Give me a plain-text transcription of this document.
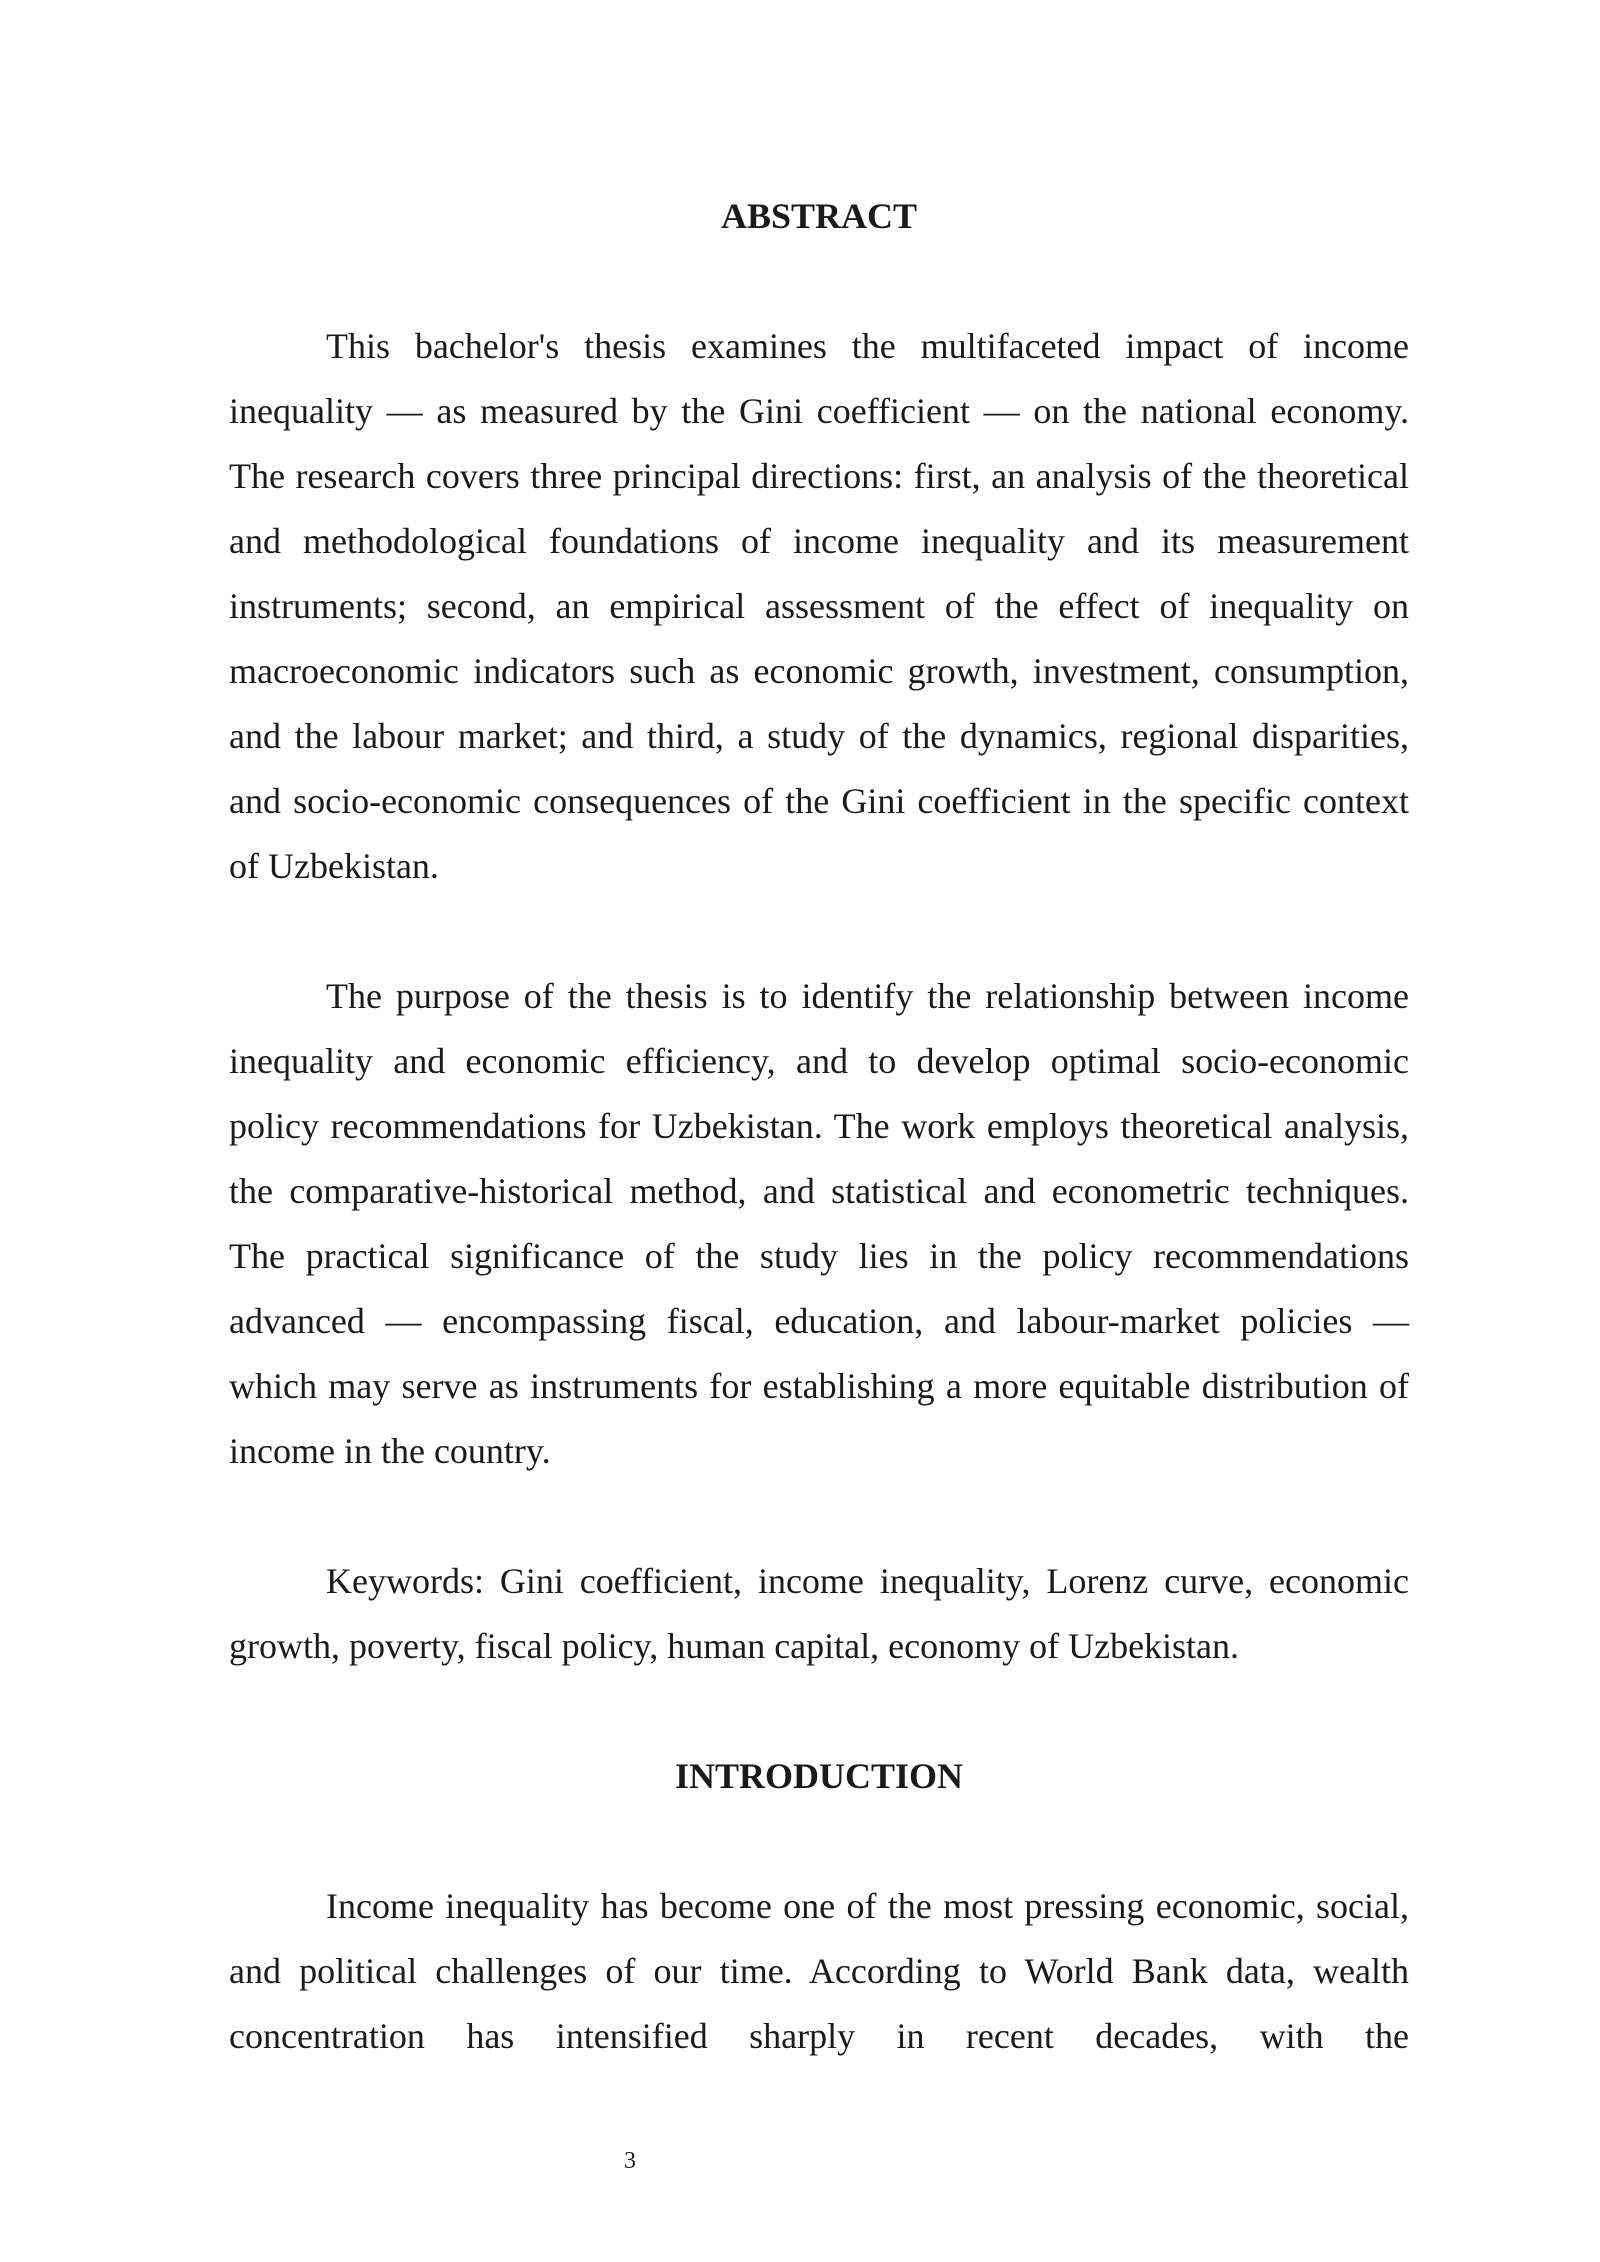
ABSTRACT

This bachelor's thesis examines the multifaceted impact of income inequality — as measured by the Gini coefficient — on the national economy. The research covers three principal directions: first, an analysis of the theoretical and methodological foundations of income inequality and its measurement instruments; second, an empirical assessment of the effect of inequality on macroeconomic indicators such as economic growth, investment, consumption, and the labour market; and third, a study of the dynamics, regional disparities, and socio-economic consequences of the Gini coefficient in the specific context of Uzbekistan.

The purpose of the thesis is to identify the relationship between income inequality and economic efficiency, and to develop optimal socio-economic policy recommendations for Uzbekistan. The work employs theoretical analysis, the comparative-historical method, and statistical and econometric techniques. The practical significance of the study lies in the policy recommendations advanced — encompassing fiscal, education, and labour-market policies — which may serve as instruments for establishing a more equitable distribution of income in the country.

Keywords: Gini coefficient, income inequality, Lorenz curve, economic growth, poverty, fiscal policy, human capital, economy of Uzbekistan.

INTRODUCTION

Income inequality has become one of the most pressing economic, social, and political challenges of our time. According to World Bank data, wealth concentration has intensified sharply in recent decades, with the

3
